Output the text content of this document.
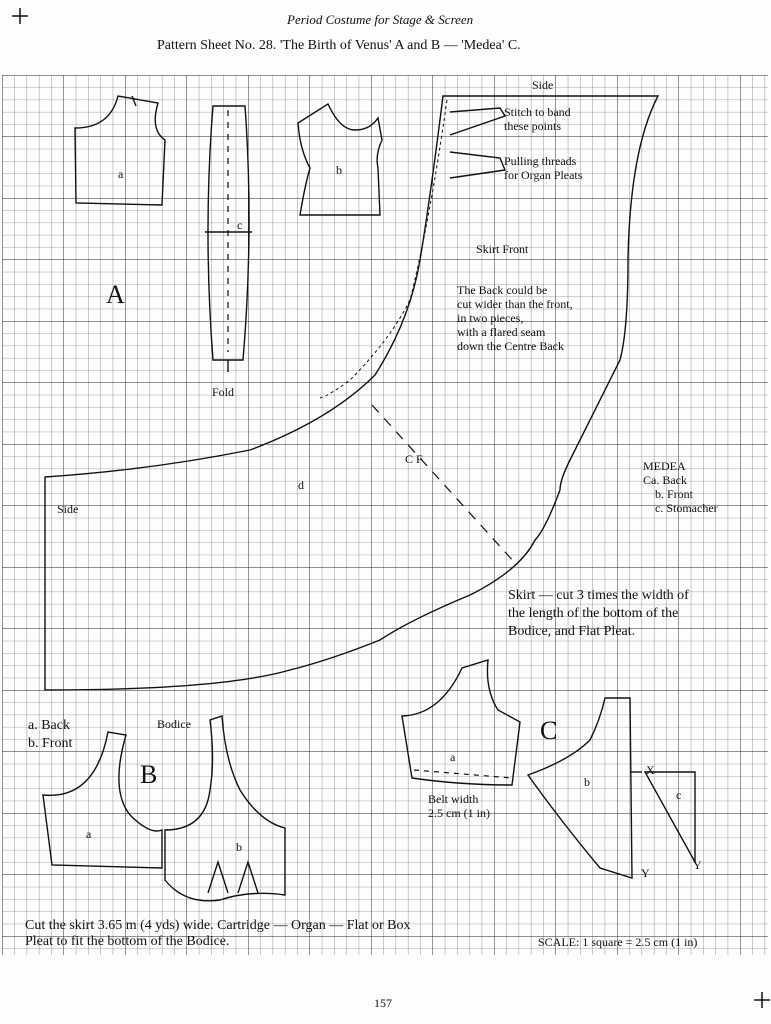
Period Costume for Stage & Screen
Pattern Sheet No. 28. 'The Birth of Venus' A and B — 'Medea' C.
a
c
b
A
Fold
Side
Stitch to band
these points
Pulling threads
for Organ Pleats
Skirt Front
The Back could be
cut wider than the front,
in two pieces,
with a flared seam
down the Centre Back
d
C F
Side
MEDEA
Ca. Back
b. Front
c. Stomacher
Skirt — cut 3 times the width of
the length of the bottom of the
Bodice, and Flat Pleat.
a. Back
b. Front
Bodice
B
a
b
C
a
b
c
X
Belt width
2.5 cm (1 in)
Y
Y
Cut the skirt 3.65 m (4 yds) wide. Cartridge — Organ — Flat or Box
Pleat to fit the bottom of the Bodice.	SCALE: 1 square = 2.5 cm (1 in)
157
